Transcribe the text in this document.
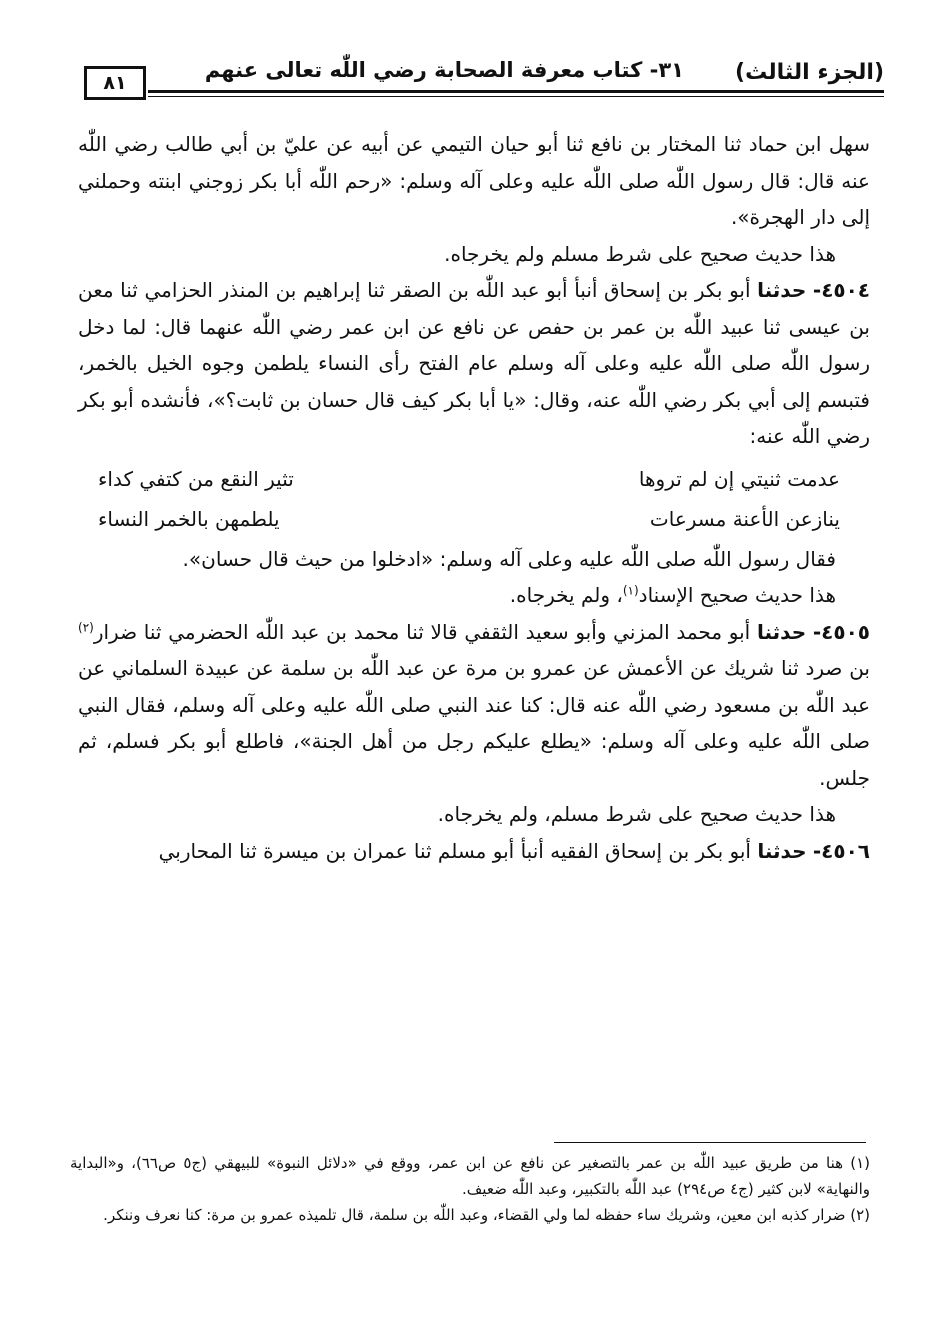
(الجزء الثالث)
٣١- كتاب معرفة الصحابة رضي اللّٰه تعالى عنهم
٨١

سهل ابن حماد ثنا المختار بن نافع ثنا أبو حيان التيمي عن أبيه عن عليّ بن أبي طالب رضي اللّٰه عنه قال: قال رسول اللّٰه صلى اللّٰه عليه وعلى آله وسلم: «رحم اللّٰه أبا بكر زوجني ابنته وحملني إلى دار الهجرة».

هذا حديث صحيح على شرط مسلم ولم يخرجاه.

٤٥٠٤- حدثنا أبو بكر بن إسحاق أنبأ أبو عبد اللّٰه بن الصقر ثنا إبراهيم بن المنذر الحزامي ثنا معن بن عيسى ثنا عبيد اللّٰه بن عمر بن حفص عن نافع عن ابن عمر رضي اللّٰه عنهما قال: لما دخل رسول اللّٰه صلى اللّٰه عليه وعلى آله وسلم عام الفتح رأى النساء يلطمن وجوه الخيل بالخمر، فتبسم إلى أبي بكر رضي اللّٰه عنه، وقال: «يا أبا بكر كيف قال حسان بن ثابت؟»، فأنشده أبو بكر رضي اللّٰه عنه:

عدمت ثنيتي إن لم تروها
تثير النقع من كتفي كداء
ينازعن الأعنة مسرعات
يلطمهن بالخمر النساء

فقال رسول اللّٰه صلى اللّٰه عليه وعلى آله وسلم: «ادخلوا من حيث قال حسان».

هذا حديث صحيح الإسناد$^{(١)}$، ولم يخرجاه.

٤٥٠٥- حدثنا أبو محمد المزني وأبو سعيد الثقفي قالا ثنا محمد بن عبد اللّٰه الحضرمي ثنا ضرار$^{(٢)}$ بن صرد ثنا شريك عن الأعمش عن عمرو بن مرة عن عبد اللّٰه بن سلمة عن عبيدة السلماني عن عبد اللّٰه بن مسعود رضي اللّٰه عنه قال: كنا عند النبي صلى اللّٰه عليه وعلى آله وسلم، فقال النبي صلى اللّٰه عليه وعلى آله وسلم: «يطلع عليكم رجل من أهل الجنة»، فاطلع أبو بكر فسلم، ثم جلس.

هذا حديث صحيح على شرط مسلم، ولم يخرجاه.

٤٥٠٦- حدثنا أبو بكر بن إسحاق الفقيه أنبأ أبو مسلم ثنا عمران بن ميسرة ثنا المحاربي

(١) هنا من طريق عبيد اللّٰه بن عمر بالتصغير عن نافع عن ابن عمر، ووقع في «دلائل النبوة» للبيهقي (ج٥ ص٦٦)، و«البداية والنهاية» لابن كثير (ج٤ ص٢٩٤) عبد اللّٰه بالتكبير، وعبد اللّٰه ضعيف.

(٢) ضرار كذبه ابن معين، وشريك ساء حفظه لما ولي القضاء، وعبد اللّٰه بن سلمة، قال تلميذه عمرو بن مرة: كنا نعرف وننكر.
